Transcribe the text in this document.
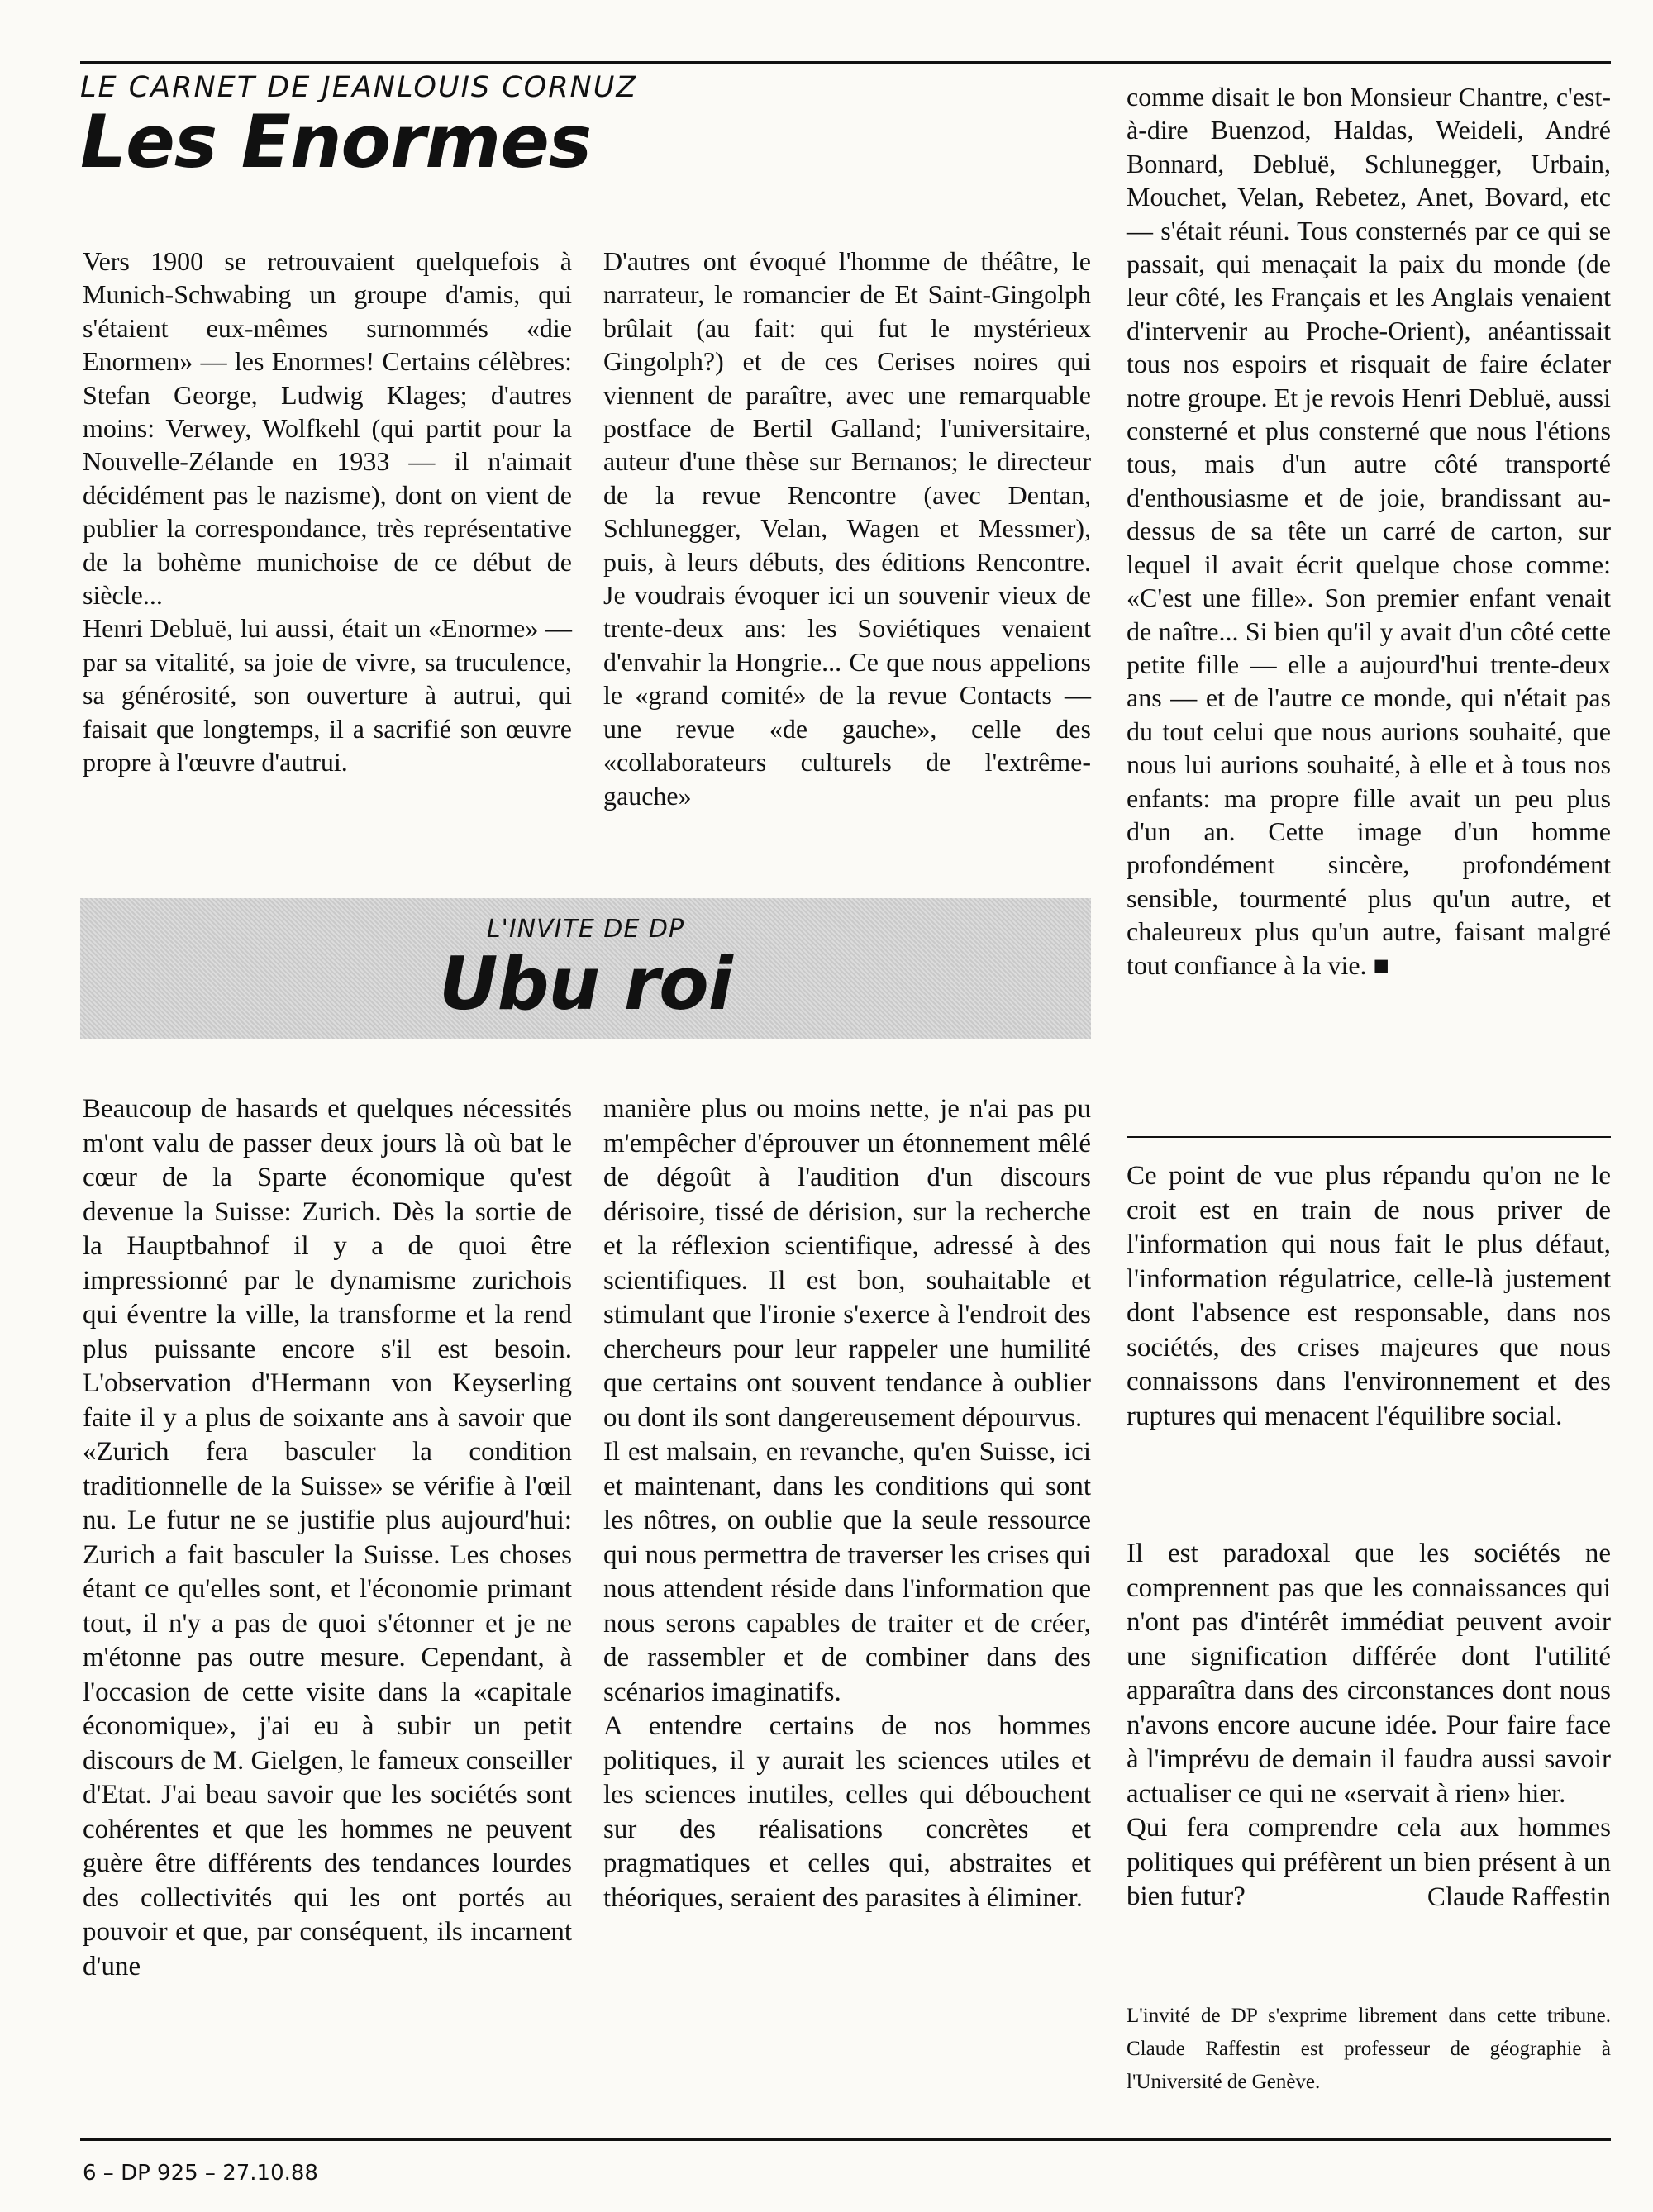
LE CARNET DE JEANLOUIS CORNUZ
Les Enormes

Vers 1900 se retrouvaient quelquefois à Munich-Schwabing un groupe d'amis, qui s'étaient eux-mêmes surnommés «die Enormen» — les Enormes! Certains célèbres: Stefan George, Ludwig Klages; d'autres moins: Verwey, Wolfkehl (qui partit pour la Nouvelle-Zélande en 1933 — il n'aimait décidément pas le nazisme), dont on vient de publier la correspondance, très représentative de la bohème munichoise de ce début de siècle...

Henri Debluë, lui aussi, était un «Enorme» — par sa vitalité, sa joie de vivre, sa truculence, sa générosité, son ouverture à autrui, qui faisait que longtemps, il a sacrifié son œuvre propre à l'œuvre d'autrui.

D'autres ont évoqué l'homme de théâtre, le narrateur, le romancier de Et Saint-Gingolph brûlait (au fait: qui fut le mystérieux Gingolph?) et de ces Cerises noires qui viennent de paraître, avec une remarquable postface de Bertil Galland; l'universitaire, auteur d'une thèse sur Bernanos; le directeur de la revue Rencontre (avec Dentan, Schlunegger, Velan, Wagen et Messmer), puis, à leurs débuts, des éditions Rencontre. Je voudrais évoquer ici un souvenir vieux de trente-deux ans: les Soviétiques venaient d'envahir la Hongrie... Ce que nous appelions le «grand comité» de la revue Contacts — une revue «de gauche», celle des «collaborateurs culturels de l'extrême-gauche»

comme disait le bon Monsieur Chantre, c'est-à-dire Buenzod, Haldas, Weideli, André Bonnard, Debluë, Schlunegger, Urbain, Mouchet, Velan, Rebetez, Anet, Bovard, etc — s'était réuni. Tous consternés par ce qui se passait, qui menaçait la paix du monde (de leur côté, les Français et les Anglais venaient d'intervenir au Proche-Orient), anéantissait tous nos espoirs et risquait de faire éclater notre groupe. Et je revois Henri Debluë, aussi consterné et plus consterné que nous l'étions tous, mais d'un autre côté transporté d'enthousiasme et de joie, brandissant au-dessus de sa tête un carré de carton, sur lequel il avait écrit quelque chose comme: «C'est une fille». Son premier enfant venait de naître... Si bien qu'il y avait d'un côté cette petite fille — elle a aujourd'hui trente-deux ans — et de l'autre ce monde, qui n'était pas du tout celui que nous aurions souhaité, que nous lui aurions souhaité, à elle et à tous nos enfants: ma propre fille avait un peu plus d'un an. Cette image d'un homme profondément sincère, profondément sensible, tourmenté plus qu'un autre, et chaleureux plus qu'un autre, faisant malgré tout confiance à la vie. ■

L'INVITE DE DP
Ubu roi

Beaucoup de hasards et quelques nécessités m'ont valu de passer deux jours là où bat le cœur de la Sparte économique qu'est devenue la Suisse: Zurich. Dès la sortie de la Hauptbahnof il y a de quoi être impressionné par le dynamisme zurichois qui éventre la ville, la transforme et la rend plus puissante encore s'il est besoin. L'observation d'Hermann von Keyserling faite il y a plus de soixante ans à savoir que «Zurich fera basculer la condition traditionnelle de la Suisse» se vérifie à l'œil nu. Le futur ne se justifie plus aujourd'hui: Zurich a fait basculer la Suisse. Les choses étant ce qu'elles sont, et l'économie primant tout, il n'y a pas de quoi s'étonner et je ne m'étonne pas outre mesure. Cependant, à l'occasion de cette visite dans la «capitale économique», j'ai eu à subir un petit discours de M. Gielgen, le fameux conseiller d'Etat. J'ai beau savoir que les sociétés sont cohérentes et que les hommes ne peuvent guère être différents des tendances lourdes des collectivités qui les ont portés au pouvoir et que, par conséquent, ils incarnent d'une

manière plus ou moins nette, je n'ai pas pu m'empêcher d'éprouver un étonnement mêlé de dégoût à l'audition d'un discours dérisoire, tissé de dérision, sur la recherche et la réflexion scientifique, adressé à des scientifiques. Il est bon, souhaitable et stimulant que l'ironie s'exerce à l'endroit des chercheurs pour leur rappeler une humilité que certains ont souvent tendance à oublier ou dont ils sont dangereusement dépourvus.

Il est malsain, en revanche, qu'en Suisse, ici et maintenant, dans les conditions qui sont les nôtres, on oublie que la seule ressource qui nous permettra de traverser les crises qui nous attendent réside dans l'information que nous serons capables de traiter et de créer, de rassembler et de combiner dans des scénarios imaginatifs.

A entendre certains de nos hommes politiques, il y aurait les sciences utiles et les sciences inutiles, celles qui débouchent sur des réalisations concrètes et pragmatiques et celles qui, abstraites et théoriques, seraient des parasites à éliminer.

Ce point de vue plus répandu qu'on ne le croit est en train de nous priver de l'information qui nous fait le plus défaut, l'information régulatrice, celle-là justement dont l'absence est responsable, dans nos sociétés, des crises majeures que nous connaissons dans l'environnement et des ruptures qui menacent l'équilibre social.

Il est paradoxal que les sociétés ne comprennent pas que les connaissances qui n'ont pas d'intérêt immédiat peuvent avoir une signification différée dont l'utilité apparaîtra dans des circonstances dont nous n'avons encore aucune idée. Pour faire face à l'imprévu de demain il faudra aussi savoir actualiser ce qui ne «servait à rien» hier.

Qui fera comprendre cela aux hommes politiques qui préfèrent un bien présent à un bien futur?	Claude Raffestin
L'invité de DP s'exprime librement dans cette tribune. Claude Raffestin est professeur de géographie à l'Université de Genève.
6 – DP 925 – 27.10.88
